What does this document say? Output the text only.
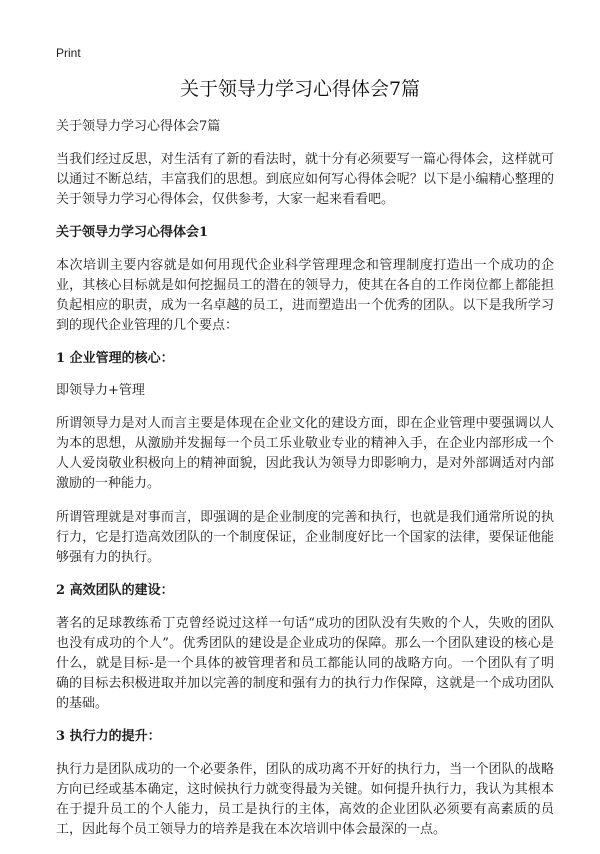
Print
关于领导力学习心得体会7篇

关于领导力学习心得体会7篇

当我们经过反思，对生活有了新的看法时，就十分有必须要写一篇心得体会，这样就可以通过不断总结，丰富我们的思想。到底应如何写心得体会呢？以下是小编精心整理的关于领导力学习心得体会，仅供参考，大家一起来看看吧。

关于领导力学习心得体会1

本次培训主要内容就是如何用现代企业科学管理理念和管理制度打造出一个成功的企业，其核心目标就是如何挖掘员工的潜在的领导力，使其在各自的工作岗位都上都能担负起相应的职责，成为一名卓越的员工，进而塑造出一个优秀的团队。以下是我所学习到的现代企业管理的几个要点：

1 企业管理的核心：

即领导力+管理

所谓领导力是对人而言主要是体现在企业文化的建设方面，即在企业管理中要强调以人为本的思想，从激励并发掘每一个员工乐业敬业专业的精神入手，在企业内部形成一个人人爱岗敬业积极向上的精神面貌，因此我认为领导力即影响力，是对外部调适对内部激励的一种能力。

所谓管理就是对事而言，即强调的是企业制度的完善和执行，也就是我们通常所说的执行力，它是打造高效团队的一个制度保证，企业制度好比一个国家的法律，要保证他能够强有力的执行。

2 高效团队的建设：

著名的足球教练希丁克曾经说过这样一句话“成功的团队没有失败的个人，失败的团队也没有成功的个人”。优秀团队的建设是企业成功的保障。那么一个团队建设的核心是什么，就是目标-是一个具体的被管理者和员工都能认同的战略方向。一个团队有了明确的目标去积极进取并加以完善的制度和强有力的执行力作保障，这就是一个成功团队的基础。

3 执行力的提升：

执行力是团队成功的一个必要条件，团队的成功离不开好的执行力，当一个团队的战略方向已经或基本确定，这时候执行力就变得最为关键。如何提升执行力，我认为其根本在于提升员工的个人能力，员工是执行的主体，高效的企业团队必须要有高素质的员工，因此每个员工领导力的培养是我在本次培训中体会最深的一点。
